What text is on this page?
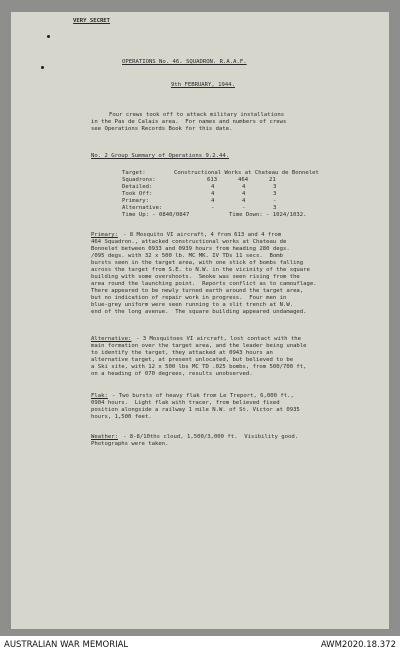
VERY SECRET
OPERATIONS No. 46. SQUADRON. R.A.A.F.
9th FEBRUARY, 1944.
Four crews took off to attack military installations
in the Pas de Calais area.  For names and numbers of crews
see Operations Records Book for this date.
No. 2 Group Summary of Operations 9.2.44.
Target:	Constructional Works at Chateau de Bonnelet
Squadrons:	613	464	21
Detailed:	4	4	3
Took Off:	4	4	3
Primary:	4	4	-
Alternative:	-	-	3
Time Up: - 0840/0847	Time Down: - 1024/1032.
Primary: - 8 Mosquito VI aircraft, 4 from 613 and 4 from
464 Squadron., attacked constructional works at Chateau de
Bonnelet between 0933 and 0939 hours from heading 280 degs.
/095 degs. with 32 x 500 lb. MC MK. IV TDs 11 secs.  Bomb
bursts seen in the target area, with one stick of bombs falling
across the target from S.E. to N.W. in the vicinity of the square
building with some overshoots.  Smoke was seen rising from the
area round the launching point.  Reports conflict as to camouflage.
There appeared to be newly turned earth around the target area,
but no indication of repair work in progress.  Four men in
blue-grey uniform were seen running to a slit trench at N.W.
end of the long avenue.  The square building appeared undamaged.
Alternative: - 3 Mosquitoes VI aircraft, lost contact with the
main formation over the target area, and the leader being unable
to identify the target, they attacked at 0943 hours an
alternative target, at present unlocated, but believed to be
a Ski site, with 12 x 500 lbs MC TD .025 bombs, from 500/700 ft,
on a heading of 070 degrees, results unobserved.
Flak: - Two bursts of heavy flak from Le Treport, 6,000 ft.,
0904 hours.  Light flak with tracer, from believed fixed
position alongside a railway 1 mile N.W. of St. Victor at 0935
hours, 1,500 feet.
Weather: - 8-8/10ths cloud, 1,500/3,000 ft.  Visibility good.
Photographs were taken.
AUSTRALIAN WAR MEMORIAL	AWM2020.18.372
